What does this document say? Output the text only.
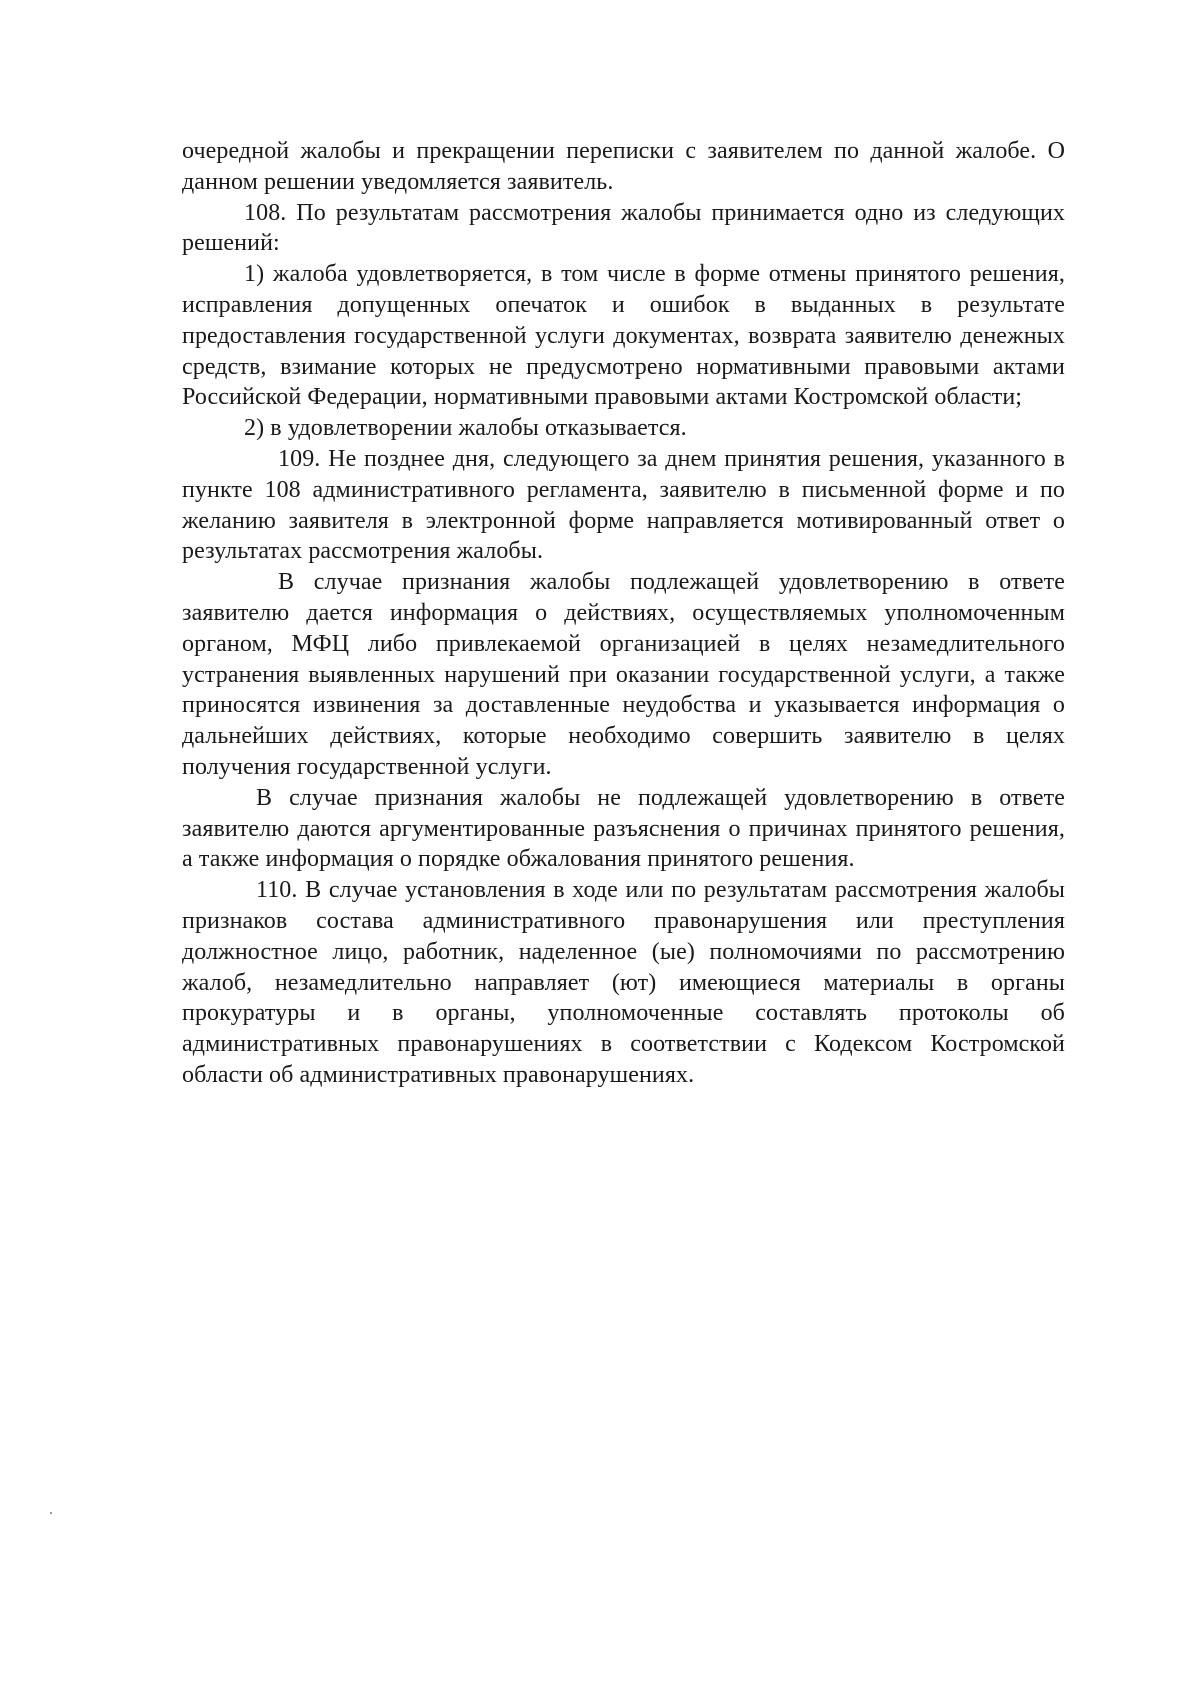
очередной жалобы и прекращении переписки с заявителем по данной жалобе. О данном решении уведомляется заявитель.

108. По результатам рассмотрения жалобы принимается одно из следующих решений:

1) жалоба удовлетворяется, в том числе в форме отмены принятого решения, исправления допущенных опечаток и ошибок в выданных в результате предоставления государственной услуги документах, возврата заявителю денежных средств, взимание которых не предусмотрено нормативными правовыми актами Российской Федерации, нормативными правовыми актами Костромской области;

2) в удовлетворении жалобы отказывается.

109. Не позднее дня, следующего за днем принятия решения, указанного в пункте 108 административного регламента, заявителю в письменной форме и по желанию заявителя в электронной форме направляется мотивированный ответ о результатах рассмотрения жалобы.

В случае признания жалобы подлежащей удовлетворению в ответе заявителю дается информация о действиях, осуществляемых уполномоченным органом, МФЦ либо привлекаемой организацией в целях незамедлительного устранения выявленных нарушений при оказании государственной услуги, а также приносятся извинения за доставленные неудобства и указывается информация о дальнейших действиях, которые необходимо совершить заявителю в целях получения государственной услуги.

В случае признания жалобы не подлежащей удовлетворению в ответе заявителю даются аргументированные разъяснения о причинах принятого решения, а также информация о порядке обжалования принятого решения.

110. В случае установления в ходе или по результатам рассмотрения жалобы признаков состава административного правонарушения или преступления должностное лицо, работник, наделенное (ые) полномочиями по рассмотрению жалоб, незамедлительно направляет (ют) имеющиеся материалы в органы прокуратуры и в органы, уполномоченные составлять протоколы об административных правонарушениях в соответствии с Кодексом Костромской области об административных правонарушениях.
